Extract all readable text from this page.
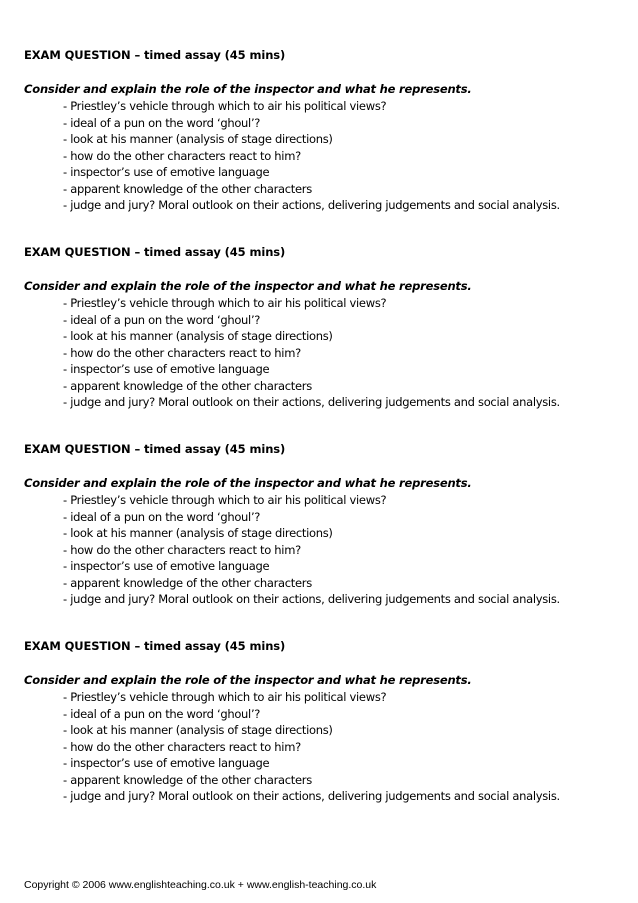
EXAM QUESTION – timed assay (45 mins)
Consider and explain the role of the inspector and what he represents.
- Priestley’s vehicle through which to air his political views?
- ideal of a pun on the word ‘ghoul’?
- look at his manner (analysis of stage directions)
- how do the other characters react to him?
- inspector’s use of emotive language
- apparent knowledge of the other characters
- judge and jury? Moral outlook on their actions, delivering judgements and social analysis.
EXAM QUESTION – timed assay (45 mins)
Consider and explain the role of the inspector and what he represents.
- Priestley’s vehicle through which to air his political views?
- ideal of a pun on the word ‘ghoul’?
- look at his manner (analysis of stage directions)
- how do the other characters react to him?
- inspector’s use of emotive language
- apparent knowledge of the other characters
- judge and jury? Moral outlook on their actions, delivering judgements and social analysis.
EXAM QUESTION – timed assay (45 mins)
Consider and explain the role of the inspector and what he represents.
- Priestley’s vehicle through which to air his political views?
- ideal of a pun on the word ‘ghoul’?
- look at his manner (analysis of stage directions)
- how do the other characters react to him?
- inspector’s use of emotive language
- apparent knowledge of the other characters
- judge and jury? Moral outlook on their actions, delivering judgements and social analysis.
EXAM QUESTION – timed assay (45 mins)
Consider and explain the role of the inspector and what he represents.
- Priestley’s vehicle through which to air his political views?
- ideal of a pun on the word ‘ghoul’?
- look at his manner (analysis of stage directions)
- how do the other characters react to him?
- inspector’s use of emotive language
- apparent knowledge of the other characters
- judge and jury? Moral outlook on their actions, delivering judgements and social analysis.
Copyright © 2006 www.englishteaching.co.uk + www.english-teaching.co.uk
